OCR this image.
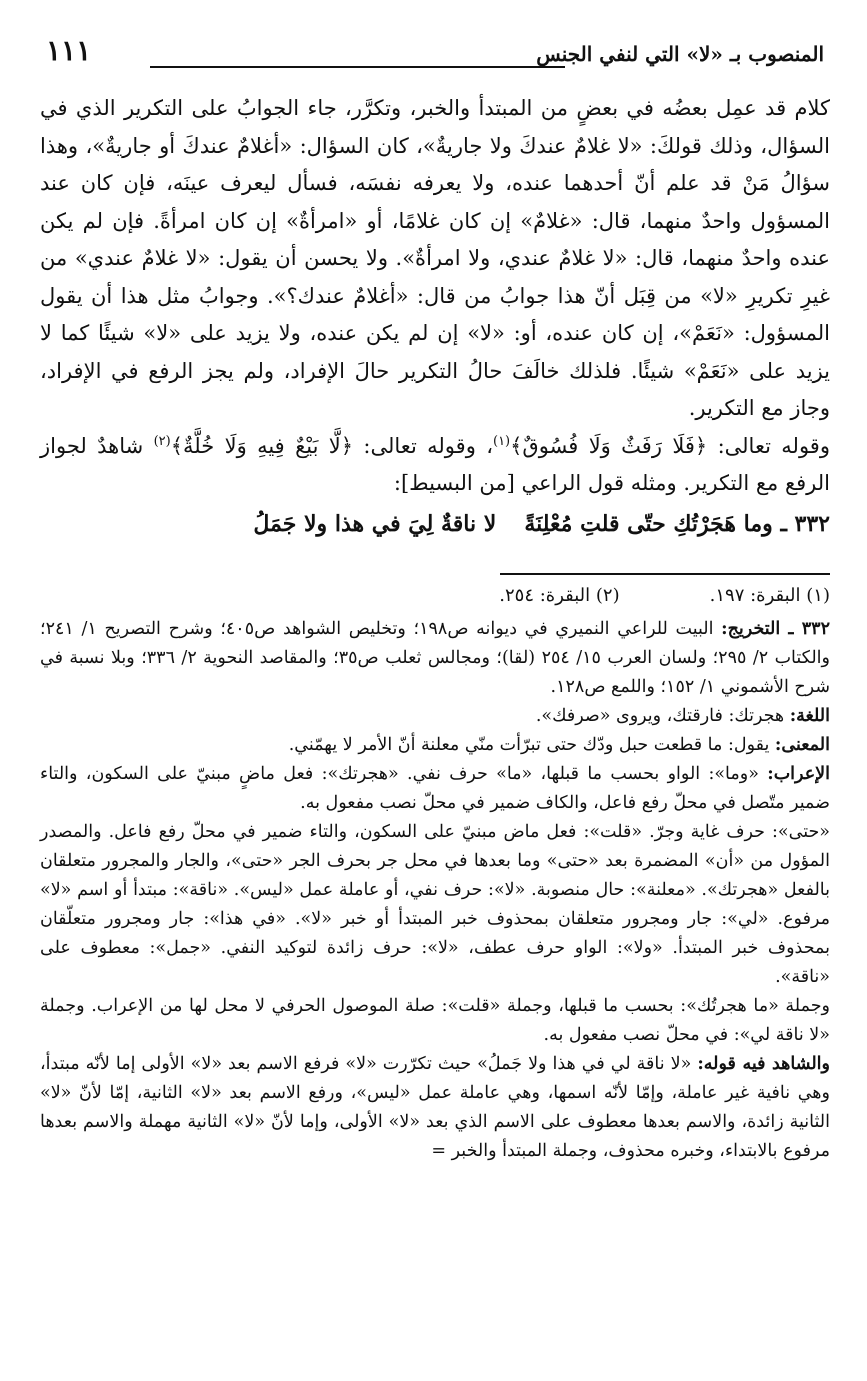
المنصوب بـ «لا» التي لنفي الجنس
١١١

كلام قد عمِل بعضُه في بعضٍ من المبتدأ والخبر، وتكرَّر، جاء الجوابُ على التكرير الذي في السؤال، وذلك قولكَ: «لا غلامٌ عندكَ ولا جاريةٌ»، كان السؤال: «أغلامٌ عندكَ أو جاريةٌ»، وهذا سؤالُ مَنْ قد علم أنّ أحدهما عنده، ولا يعرفه نفسَه، فسأل ليعرف عينَه، فإن كان عند المسؤول واحدٌ منهما، قال: «غلامٌ» إن كان غلامًا، أو «امرأةٌ» إن كان امرأةً. فإن لم يكن عنده واحدٌ منهما، قال: «لا غلامٌ عندي، ولا امرأةٌ». ولا يحسن أن يقول: «لا غلامٌ عندي» من غيرِ تكريرِ «لا» من قِبَل أنّ هذا جوابُ من قال: «أغلامٌ عندك؟». وجوابُ مثل هذا أن يقول المسؤول: «نَعَمْ»، إن كان عنده، أو: «لا» إن لم يكن عنده، ولا يزيد على «لا» شيئًا كما لا يزيد على «نَعَمْ» شيئًا. فلذلك خالَفَ حالُ التكرير حالَ الإفراد، ولم يجز الرفع في الإفراد، وجاز مع التكرير.

وقوله تعالى: ﴿فَلَا رَفَثٌ وَلَا فُسُوقٌ﴾$^{(١)}$، وقوله تعالى: ﴿لَّا بَيْعٌ فِيهِ وَلَا خُلَّةٌ﴾$^{(٢)}$ شاهدٌ لجواز الرفع مع التكرير. ومثله قول الراعي [من البسيط]:

٣٣٢ ـ وما هَجَرْتُكِ حتّى قلتِ مُعْلِنَةً
لا ناقةٌ لِيَ في هذا ولا جَمَلُ
(١) البقرة: ١٩٧.
(٢) البقرة: ٢٥٤.

٣٣٢ ـ التخريج: البيت للراعي النميري في ديوانه ص١٩٨؛ وتخليص الشواهد ص٤٠٥؛ وشرح التصريح ١/ ٢٤١؛ والكتاب ٢/ ٢٩٥؛ ولسان العرب ١٥/ ٢٥٤ (لقا)؛ ومجالس ثعلب ص٣٥؛ والمقاصد النحوية ٢/ ٣٣٦؛ وبلا نسبة في شرح الأشموني ١/ ١٥٢؛ واللمع ص١٢٨.

اللغة: هجرتك: فارقتك، ويروى «صرفك».

المعنى: يقول: ما قطعت حبل ودّك حتى تبرّأت منّي معلنة أنّ الأمر لا يهمّني.

الإعراب: «وما»: الواو بحسب ما قبلها، «ما» حرف نفي. «هجرتك»: فعل ماضٍ مبنيّ على السكون، والتاء ضمير متّصل في محلّ رفع فاعل، والكاف ضمير في محلّ نصب مفعول به.

«حتى»: حرف غاية وجرّ. «قلت»: فعل ماض مبنيّ على السكون، والتاء ضمير في محلّ رفع فاعل. والمصدر المؤول من «أن» المضمرة بعد «حتى» وما بعدها في محل جر بحرف الجر «حتى»، والجار والمجرور متعلقان بالفعل «هجرتك». «معلنة»: حال منصوبة. «لا»: حرف نفي، أو عاملة عمل «ليس». «ناقة»: مبتدأ أو اسم «لا» مرفوع. «لي»: جار ومجرور متعلقان بمحذوف خبر المبتدأ أو خبر «لا». «في هذا»: جار ومجرور متعلّقان بمحذوف خبر المبتدأ. «ولا»: الواو حرف عطف، «لا»: حرف زائدة لتوكيد النفي. «جمل»: معطوف على «ناقة».

وجملة «ما هجرتُك»: بحسب ما قبلها، وجملة «قلت»: صلة الموصول الحرفي لا محل لها من الإعراب. وجملة «لا ناقة لي»: في محلّ نصب مفعول به.

والشاهد فيه قوله: «لا ناقة لي في هذا ولا جَملُ» حيث تكرّرت «لا» فرفع الاسم بعد «لا» الأولى إما لأنّه مبتدأ، وهي نافية غير عاملة، وإمّا لأنّه اسمها، وهي عاملة عمل «ليس»، ورفع الاسم بعد «لا» الثانية، إمّا لأنّ «لا» الثانية زائدة، والاسم بعدها معطوف على الاسم الذي بعد «لا» الأولى، وإما لأنّ «لا» الثانية مهملة والاسم بعدها مرفوع بالابتداء، وخبره محذوف، وجملة المبتدأ والخبر =
